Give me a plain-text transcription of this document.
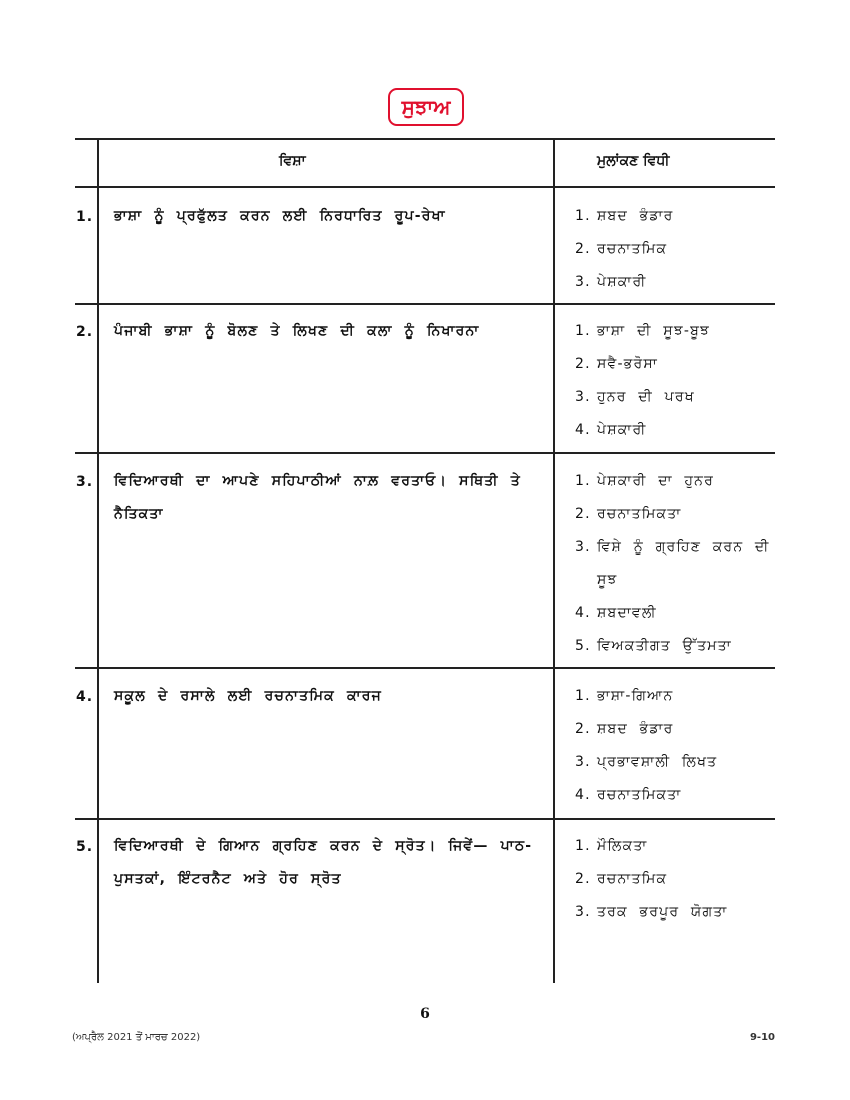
ਸੁਝਾਅ
ਵਿਸ਼ਾ	ਮੁਲਾਂਕਣ ਵਿਧੀ
1. ਭਾਸ਼ਾ ਨੂੰ ਪ੍ਰਫੁੱਲਤ ਕਰਨ ਲਈ ਨਿਰਧਾਰਿਤ ਰੂਪ-ਰੇਖਾ	1. ਸ਼ਬਦ ਭੰਡਾਰ
2. ਰਚਨਾਤਮਿਕ
3. ਪੇਸ਼ਕਾਰੀ
2. ਪੰਜਾਬੀ ਭਾਸ਼ਾ ਨੂੰ ਬੋਲਣ ਤੇ ਲਿਖਣ ਦੀ ਕਲਾ ਨੂੰ ਨਿਖਾਰਨਾ	1. ਭਾਸ਼ਾ ਦੀ ਸੂਝ-ਬੂਝ
2. ਸਵੈ-ਭਰੋਸਾ
3. ਹੁਨਰ ਦੀ ਪਰਖ
4. ਪੇਸ਼ਕਾਰੀ
3. ਵਿਦਿਆਰਥੀ ਦਾ ਆਪਣੇ ਸਹਿਪਾਠੀਆਂ ਨਾਲ਼ ਵਰਤਾਓ। ਸਥਿਤੀ ਤੇ ਨੈਤਿਕਤਾ
1. ਪੇਸ਼ਕਾਰੀ ਦਾ ਹੁਨਰ
2. ਰਚਨਾਤਮਿਕਤਾ
3. ਵਿਸ਼ੇ ਨੂੰ ਗ੍ਰਹਿਣ ਕਰਨ ਦੀ ਸੂਝ
4. ਸ਼ਬਦਾਵਲੀ
5. ਵਿਅਕਤੀਗਤ ਉੱਤਮਤਾ
4. ਸਕੂਲ ਦੇ ਰਸਾਲੇ ਲਈ ਰਚਨਾਤਮਿਕ ਕਾਰਜ	1. ਭਾਸ਼ਾ-ਗਿਆਨ
2. ਸ਼ਬਦ ਭੰਡਾਰ
3. ਪ੍ਰਭਾਵਸ਼ਾਲੀ ਲਿਖਤ
4. ਰਚਨਾਤਮਿਕਤਾ
5. ਵਿਦਿਆਰਥੀ ਦੇ ਗਿਆਨ ਗ੍ਰਹਿਣ ਕਰਨ ਦੇ ਸ੍ਰੋਤ। ਜਿਵੇਂ— ਪਾਠ-ਪੁਸਤਕਾਂ, ਇੰਟਰਨੈਟ ਅਤੇ ਹੋਰ ਸ੍ਰੋਤ
1. ਮੌਲਿਕਤਾ
2. ਰਚਨਾਤਮਿਕ
3. ਤਰਕ ਭਰਪੂਰ ਯੋਗਤਾ
6
(ਅਪ੍ਰੈਲ 2021 ਤੋਂ ਮਾਰਚ 2022)	9-10
